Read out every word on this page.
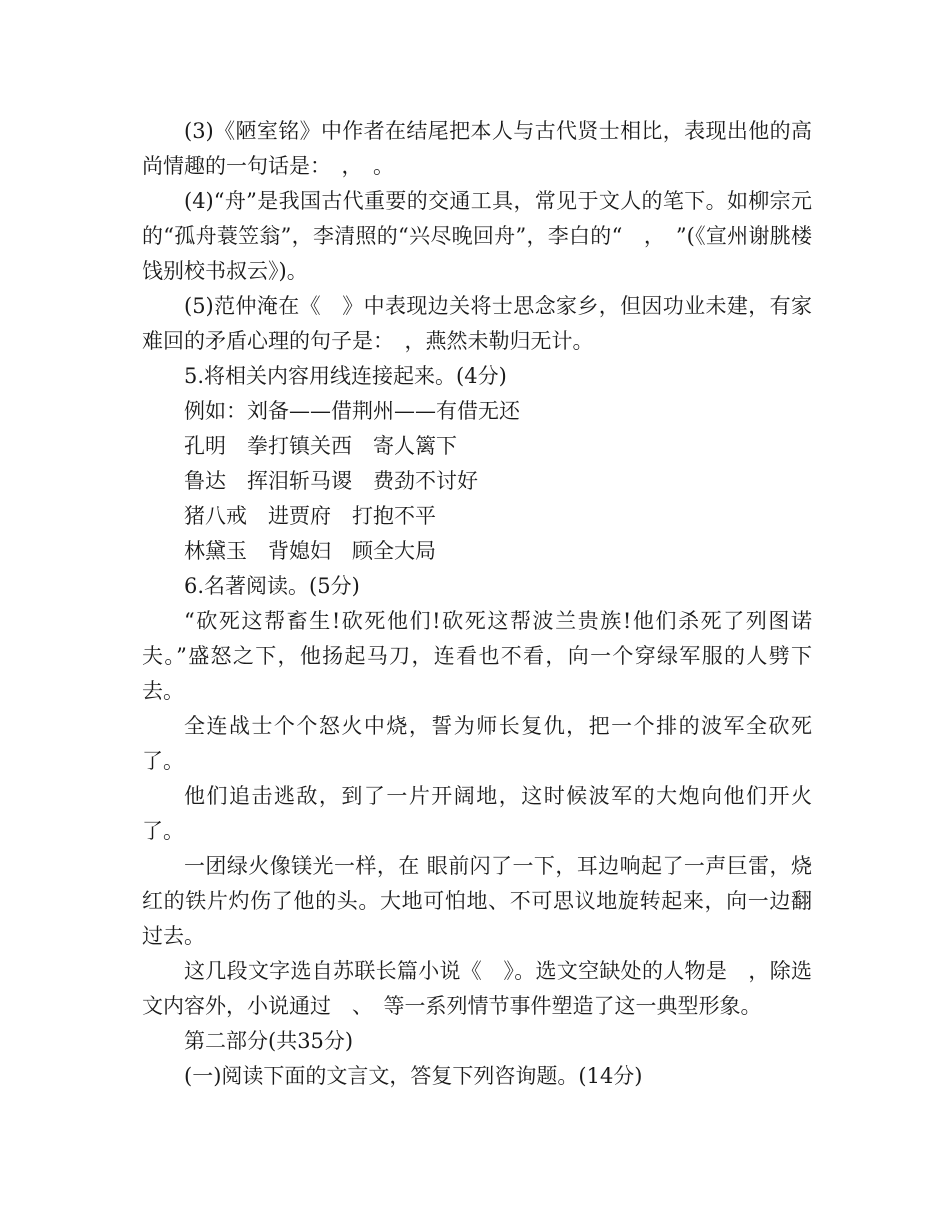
(3)《陋室铭》中作者在结尾把本人与古代贤士相比，表现出他的高尚情趣的一句话是：　，　。

(4)“舟”是我国古代重要的交通工具，常见于文人的笔下。如柳宗元的“孤舟蓑笠翁”，李清照的“兴尽晚回舟”，李白的“　，　”(《宣州谢朓楼饯别校书叔云》)。

(5)范仲淹在《　》中表现边关将士思念家乡，但因功业未建，有家难回的矛盾心理的句子是：　，燕然未勒归无计。

5.将相关内容用线连接起来。(4分)

例如：刘备——借荆州——有借无还

孔明　拳打镇关西　寄人篱下

鲁达　挥泪斩马谡　费劲不讨好

猪八戒　进贾府　打抱不平

林黛玉　背媳妇　顾全大局

6.名著阅读。(5分)

“砍死这帮畜生!砍死他们!砍死这帮波兰贵族!他们杀死了列图诺夫。”盛怒之下，他扬起马刀，连看也不看，向一个穿绿军服的人劈下去。

全连战士个个怒火中烧，誓为师长复仇，把一个排的波军全砍死了。

他们追击逃敌，到了一片开阔地，这时候波军的大炮向他们开火了。

一团绿火像镁光一样，在 眼前闪了一下，耳边响起了一声巨雷，烧红的铁片灼伤了他的头。大地可怕地、不可思议地旋转起来，向一边翻过去。

这几段文字选自苏联长篇小说《　》。选文空缺处的人物是　，除选文内容外，小说通过　、　等一系列情节事件塑造了这一典型形象。

第二部分(共35分)

(一)阅读下面的文言文，答复下列咨询题。(14分)
